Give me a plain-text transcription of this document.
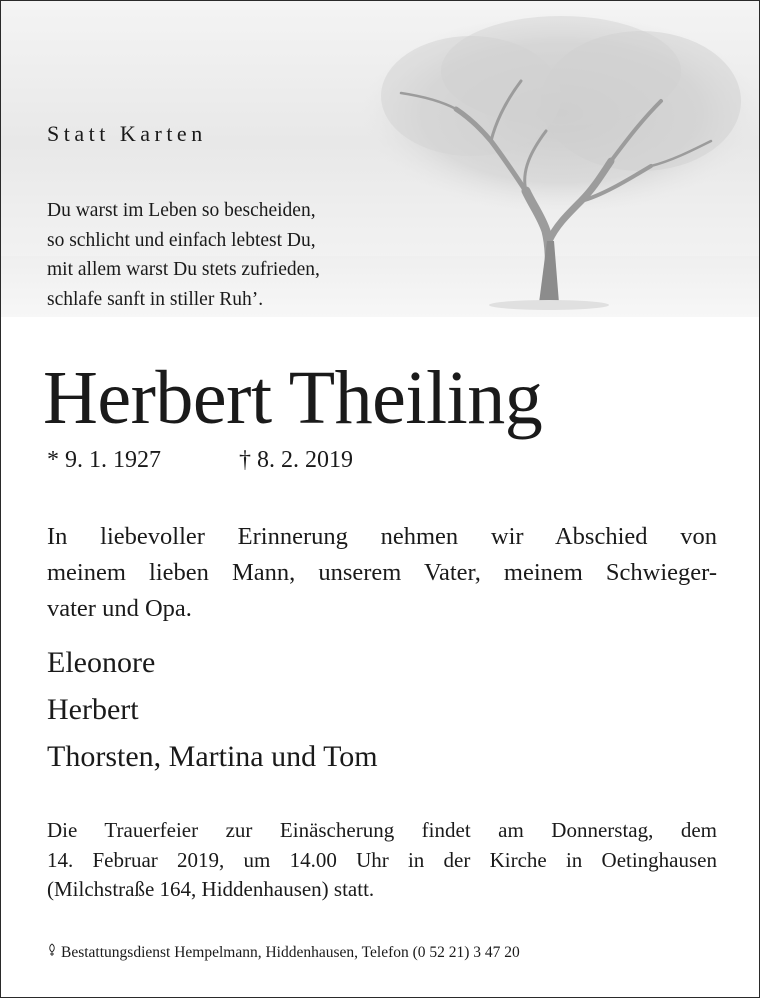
Statt Karten

Du warst im Leben so bescheiden,
so schlicht und einfach lebtest Du,
mit allem warst Du stets zufrieden,
schlafe sanft in stiller Ruh’.
Herbert Theiling
* 9. 1. 1927	† 8. 2. 2019
In liebevoller Erinnerung nehmen wir Abschied von
meinem lieben Mann, unserem Vater, meinem Schwieger-
vater und Opa.
Eleonore
Herbert
Thorsten, Martina und Tom
Die Trauerfeier zur Einäscherung findet am Donnerstag, dem
14. Februar 2019, um 14.00 Uhr in der Kirche in Oetinghausen
(Milchstraße 164, Hiddenhausen) statt.
Bestattungsdienst Hempelmann, Hiddenhausen, Telefon (0 52 21) 3 47 20
